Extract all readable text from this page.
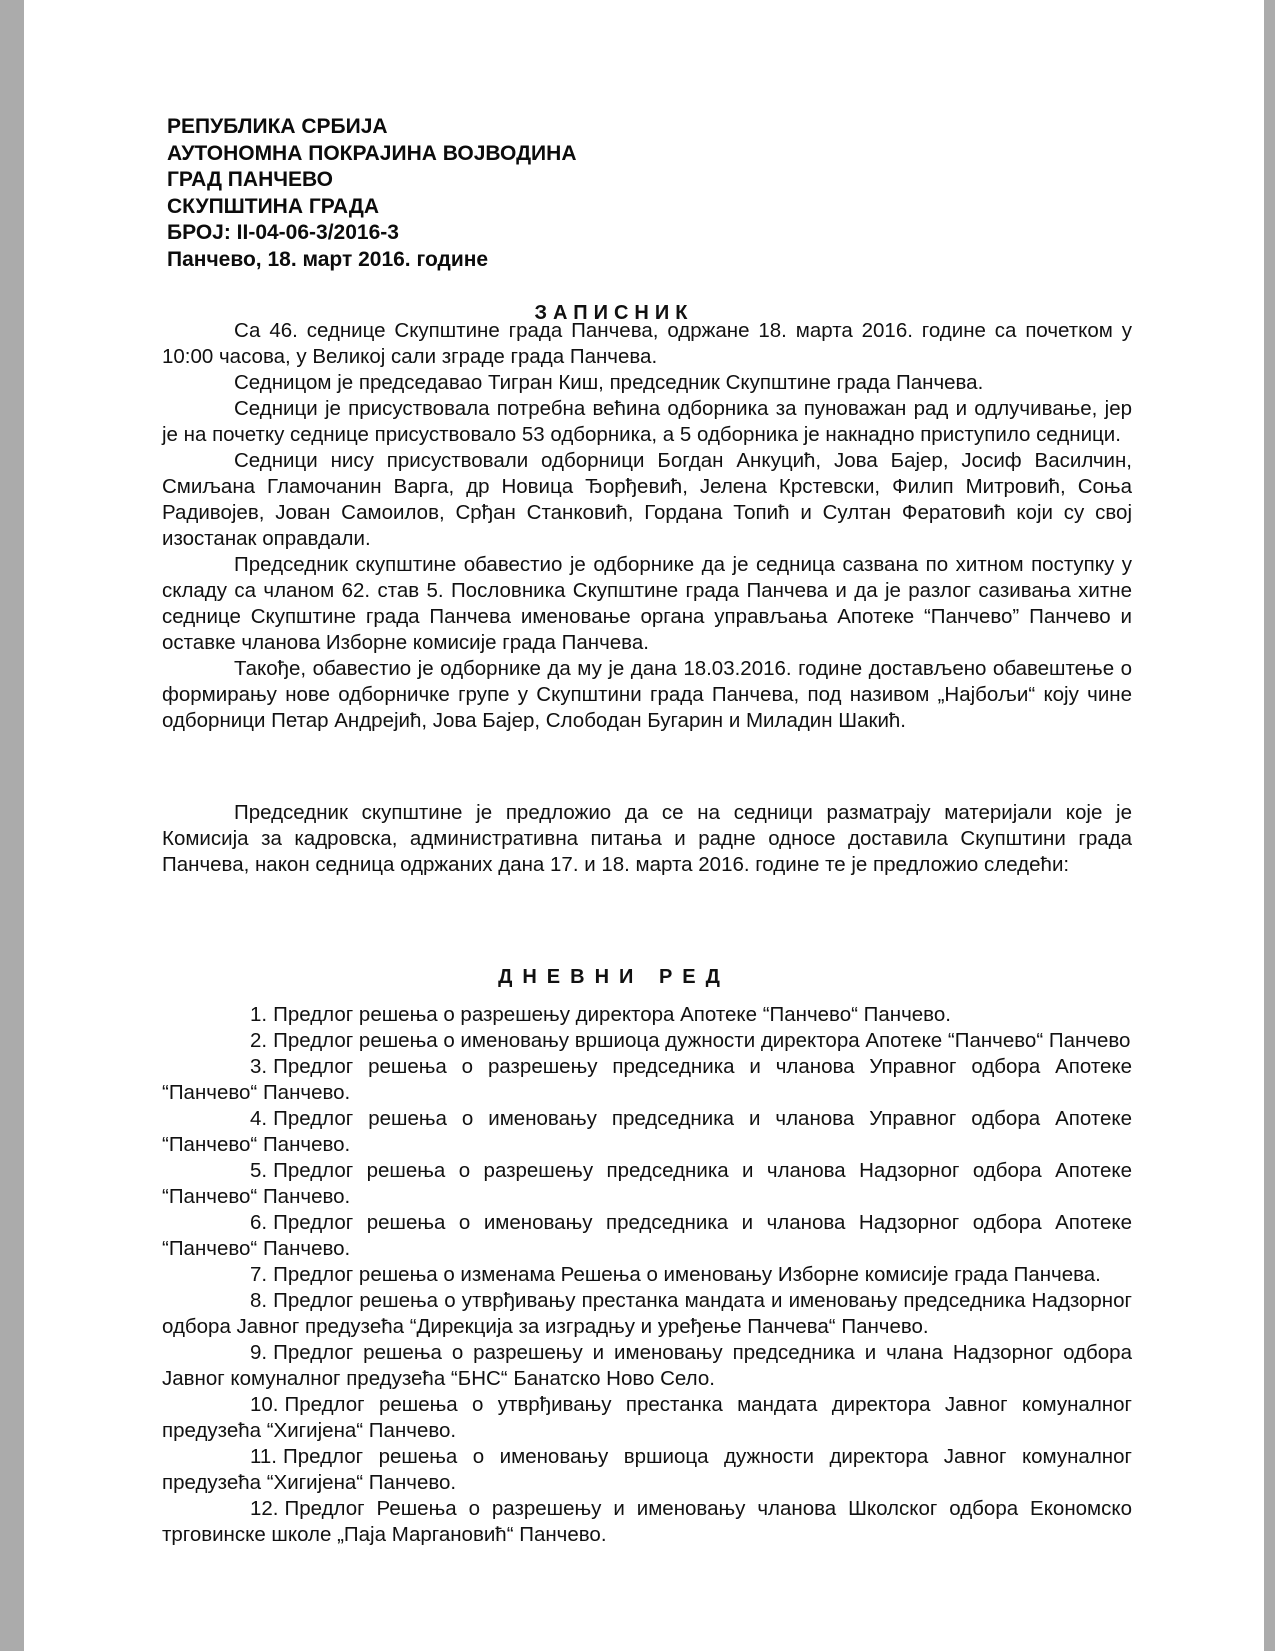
РЕПУБЛИКА СРБИЈА
АУТОНОМНА ПОКРАЈИНА ВОЈВОДИНА
ГРАД ПАНЧЕВО
СКУПШТИНА ГРАДА
БРОЈ: II-04-06-3/2016-3
Панчево, 18. март 2016. године
ЗАПИСНИК

Са 46. седнице Скупштине града Панчева, одржане 18. марта 2016. године са почетком у 10:00 часова, у Великој сали зграде града Панчева.

Седницом је председавао Тигран Киш, председник Скупштине града Панчева.

Седници је присуствовала потребна већина одборника за пуноважан рад и одлучивање, јер је на почетку седнице присуствовало 53 одборника, а 5 одборника је накнадно приступило седници.

Седници нису присуствовали одборници Богдан Анкуцић, Јова Бајер, Јосиф Василчин, Смиљана Гламочанин Варга, др Новица Ђорђевић, Јелена Крстевски, Филип Митровић, Соња Радивојев, Јован Самоилов, Срђан Станковић, Гордана Топић и Султан Фератовић који су свој изостанак оправдали.

Председник скупштине обавестио је одборнике да је седница сазвана по хитном поступку у складу са чланом 62. став 5. Пословника Скупштине града Панчева и да је разлог сазивања хитне седнице Скупштине града Панчева именовање органа управљања Апотеке “Панчево” Панчево и оставке чланова Изборне комисије града Панчева.

Такође, обавестио је одборнике да му је дана 18.03.2016. године достављено обавештење о формирању нове одборничке групе у Скупштини града Панчева, под називом „Најбољи“ коју чине одборници Петар Андрејић, Јова Бајер, Слободан Бугарин и Миладин Шакић.

Председник скупштине је предложио да се на седници разматрају материјали које је Комисија за кадровска, административна питања и радне односе доставила Скупштини града Панчева, након седница одржаних дана 17. и 18. марта 2016. године те је предложио следећи:

ДНЕВНИ РЕД
1. Предлог решења о разрешењу директора Апотеке “Панчево“ Панчево.
2. Предлог решења о именовању вршиоца дужности директора Апотеке “Панчево“ Панчево
3. Предлог решења о разрешењу председника и чланова Управног одбора Апотеке “Панчево“ Панчево.
4. Предлог решења о именовању председника и чланова Управног одбора Апотеке “Панчево“ Панчево.
5. Предлог решења о разрешењу председника и чланова Надзорног одбора Апотеке “Панчево“ Панчево.
6. Предлог решења о именовању председника и чланова Надзорног одбора Апотеке “Панчево“ Панчево.
7. Предлог решења о изменама Решења о именовању Изборне комисије града Панчева.
8. Предлог решења о утврђивању престанка мандата и именовању председника Надзорног одбора Јавног предузећа “Дирекција за изградњу и уређење Панчева“ Панчево.
9. Предлог решења о разрешењу и именовању председника и члана Надзорног одбора Јавног комуналног предузећа “БНС“ Банатско Ново Село.
10. Предлог решења о утврђивању престанка мандата директора Јавног комуналног предузећа “Хигијена“ Панчево.
11. Предлог решења о именовању вршиоца дужности директора Јавног комуналног предузећа “Хигијена“ Панчево.
12. Предлог Решења о разрешењу и именовању чланова Школског одбора Економско трговинске школе „Паја Маргановић“ Панчево.
